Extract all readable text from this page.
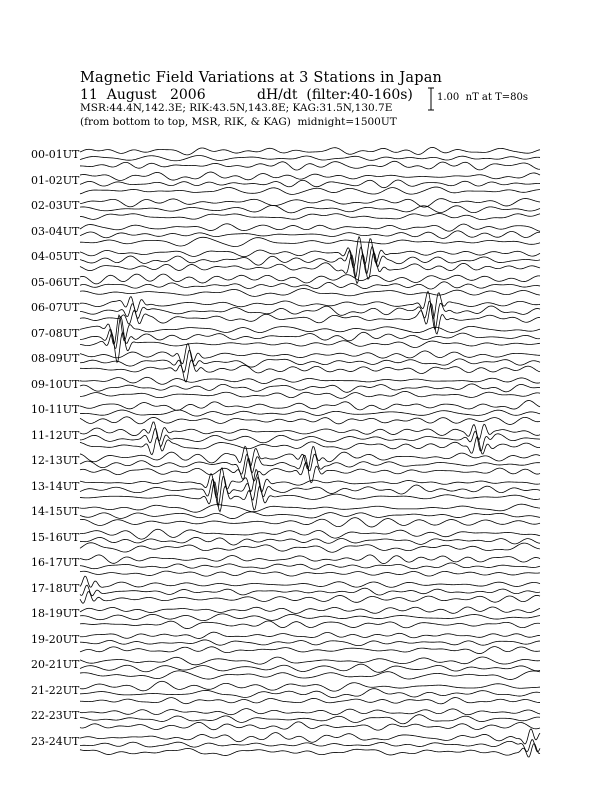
Magnetic Field Variations at 3 Stations in Japan
11  August   2006	dH/dt  (filter:40-160s)
MSR:44.4N,142.3E; RIK:43.5N,143.8E; KAG:31.5N,130.7E
(from bottom to top, MSR, RIK, & KAG)  midnight=1500UT
1.00  nT at T=80s
00-01UT
01-02UT
02-03UT
03-04UT
04-05UT
05-06UT
06-07UT
07-08UT
08-09UT
09-10UT
10-11UT
11-12UT
12-13UT
13-14UT
14-15UT
15-16UT
16-17UT
17-18UT
18-19UT
19-20UT
20-21UT
21-22UT
22-23UT
23-24UT
